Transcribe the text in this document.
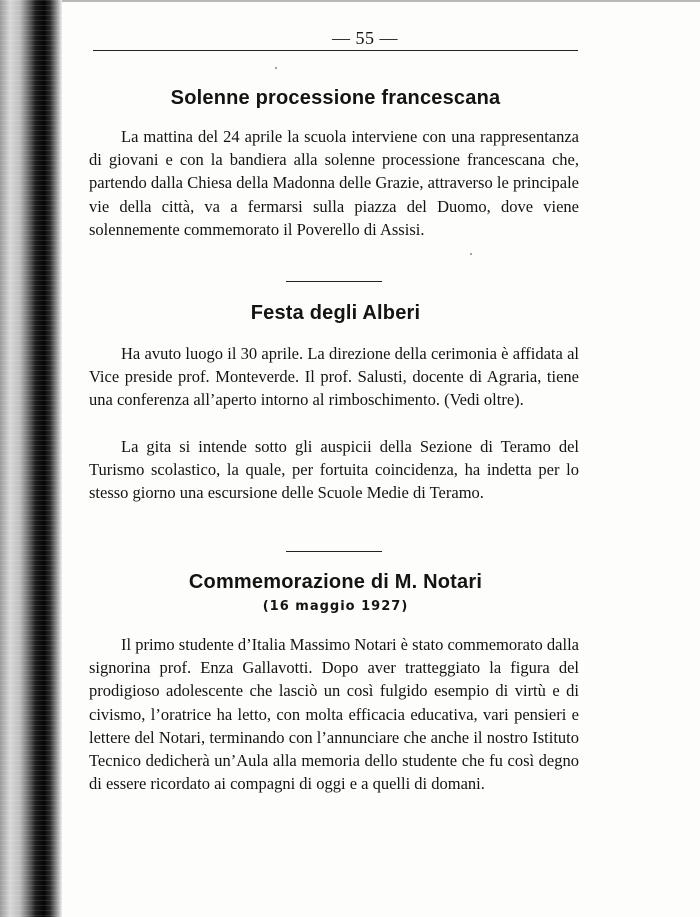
— 55 —
Solenne processione francescana

La mattina del 24 aprile la scuola interviene con una rappresentanza di giovani e con la bandiera alla solenne processione francescana che, partendo dalla Chiesa della Madonna delle Grazie, attraverso le principale vie della città, va a fermarsi sulla piazza del Duomo, dove viene solennemente commemorato il Poverello di Assisi.

Festa degli Alberi

Ha avuto luogo il 30 aprile. La direzione della cerimonia è affidata al Vice preside prof. Monteverde. Il prof. Salusti, docente di Agraria, tiene una conferenza all’aperto intorno al rimboschimento. (Vedi oltre).

La gita si intende sotto gli auspicii della Sezione di Teramo del Turismo scolastico, la quale, per fortuita coincidenza, ha indetta per lo stesso giorno una escursione delle Scuole Medie di Teramo.

Commemorazione di M. Notari
(16 maggio 1927)

Il primo studente d’Italia Massimo Notari è stato commemorato dalla signorina prof. Enza Gallavotti. Dopo aver tratteggiato la figura del prodigioso adolescente che lasciò un così fulgido esempio di virtù e di civismo, l’oratrice ha letto, con molta efficacia educativa, vari pensieri e lettere del Notari, terminando con l’annunciare che anche il nostro Istituto Tecnico dedicherà un’Aula alla memoria dello studente che fu così degno di essere ricordato ai compagni di oggi e a quelli di domani.
